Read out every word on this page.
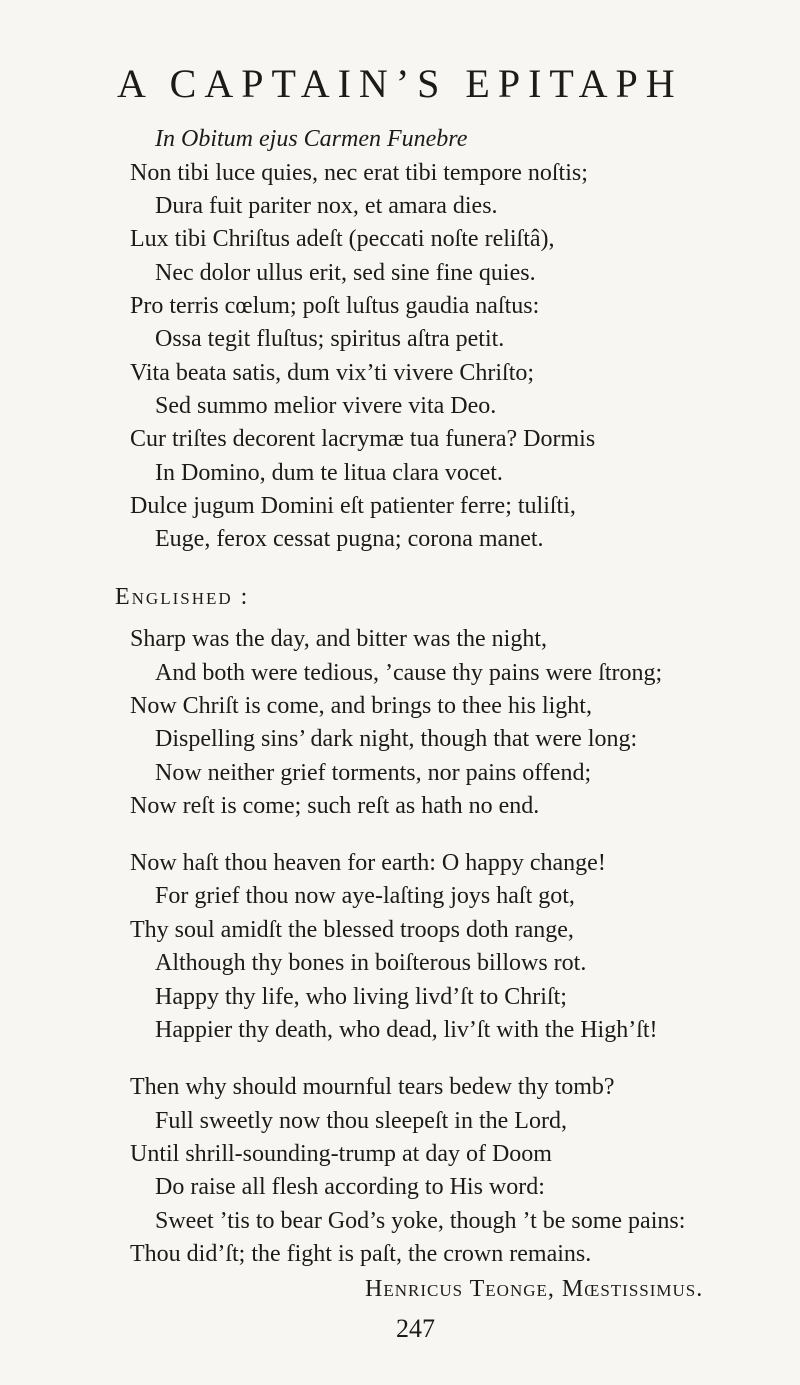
A CAPTAIN’S EPITAPH
In Obitum ejus Carmen Funebre
Non tibi luce quies, nec erat tibi tempore noſtis;
Dura fuit pariter nox, et amara dies.
Lux tibi Chriſtus adeſt (peccati noſte reliſtâ),
Nec dolor ullus erit, sed sine fine quies.
Pro terris cœlum; poſt luſtus gaudia naſtus:
Ossa tegit fluſtus; spiritus aſtra petit.
Vita beata satis, dum vix’ti vivere Chriſto;
Sed summo melior vivere vita Deo.
Cur triſtes decorent lacrymæ tua funera? Dormis
In Domino, dum te litua clara vocet.
Dulce jugum Domini eſt patienter ferre; tuliſti,
Euge, ferox cessat pugna; corona manet.
Englished :
Sharp was the day, and bitter was the night,
And both were tedious, ’cause thy pains were ſtrong;
Now Chriſt is come, and brings to thee his light,
Dispelling sins’ dark night, though that were long:
Now neither grief torments, nor pains offend;
Now reſt is come; such reſt as hath no end.
Now haſt thou heaven for earth: O happy change!
For grief thou now aye-laſting joys haſt got,
Thy soul amidſt the blessed troops doth range,
Although thy bones in boiſterous billows rot.
Happy thy life, who living livd’ſt to Chriſt;
Happier thy death, who dead, liv’ſt with the High’ſt!
Then why should mournful tears bedew thy tomb?
Full sweetly now thou sleepeſt in the Lord,
Until shrill-sounding-trump at day of Doom
Do raise all flesh according to His word:
Sweet ’tis to bear God’s yoke, though ’t be some pains:
Thou did’ſt; the fight is paſt, the crown remains.
Henricus Teonge, Mœſtissimus.
247
